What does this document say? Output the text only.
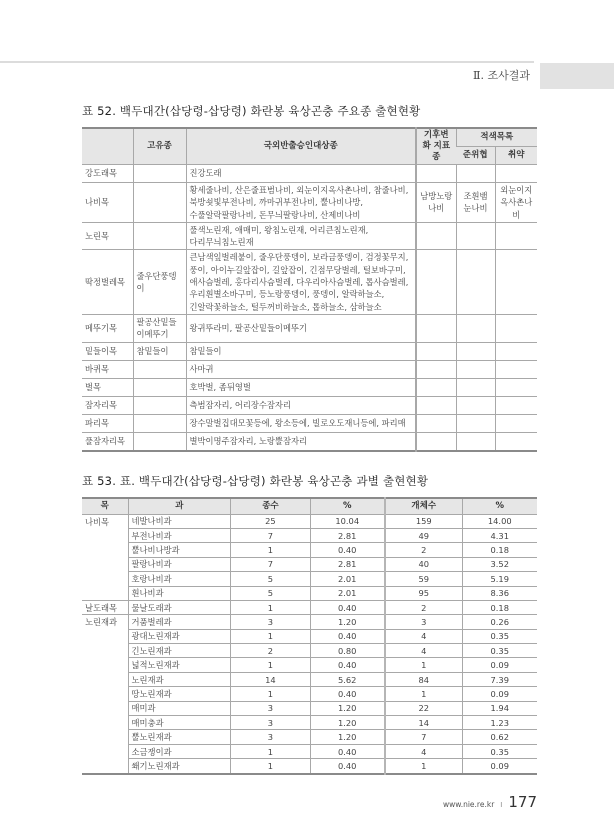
Ⅱ. 조사결과
표 52. 백두대간(삽당령-삽당령) 화란봉 육상곤충 주요종 출현현황
	고유종	국외반출승인대상종	기후변화 지표종	적색목록	
				준위협	취약
강도래목		진강도래			
나비목		황세줄나비, 산은줄표범나비, 외눈이지옥사촌나비, 참줄나비, 북방쇳빛부전나비, 까마귀부전나비, 뿔나비나방, 수풀알락팔랑나비, 돈무늬팔랑나비, 산제비나비	남방노랑나비	조흰뱀눈나비	외눈이지옥사촌나비
노린목		풀색노린재, 애매미, 왕침노린재, 어리큰침노린재, 다리무늬침노린재			
딱정벌레목	줄우단풍뎅이	큰남색잎벌레붙이, 줄우단풍뎅이, 보라금풍뎅이, 검정꽃무지, 풍이, 아이누길앞잡이, 길앞잡이, 긴점무당벌레, 털보바구미, 애사슴벌레, 홍다리사슴벌레, 다우리아사슴벌레, 톱사슴벌레, 우리흰별소바구미, 등노랑풍뎅이, 풍뎅이, 알락하늘소, 긴알락꽃하늘소, 털두꺼비하늘소, 톱하늘소, 삼하늘소			
메뚜기목	팔공산밑들이메뚜기	왕귀뚜라미, 팔공산밑들이메뚜기			
밑들이목	참밑들이	참밑들이			
바퀴목		사마귀			
벌목		호박벌, 좀뒤영벌			
잠자리목		측범잠자리, 어리장수잠자리			
파리목		장수말벌집대모꽃등에, 왕소등에, 빌로오도재니등에, 파리매			
풀잠자리목		별박이명주잠자리, 노랑뿔잠자리			
표 53. 표. 백두대간(삽당령-삽당령) 화란봉 육상곤충 과별 출현현황
목	과	종수	%	개체수	%
나비목	네발나비과	25	10.04	159	14.00
	부전나비과	7	2.81	49	4.31
	뿔나비나방과	1	0.40	2	0.18
	팔랑나비과	7	2.81	40	3.52
	호랑나비과	5	2.01	59	5.19
	흰나비과	5	2.01	95	8.36
날도래목	물날도래과	1	0.40	2	0.18
노린재과	거품벌레과	3	1.20	3	0.26
	광대노린재과	1	0.40	4	0.35
	긴노린재과	2	0.80	4	0.35
	넓적노린재과	1	0.40	1	0.09
	노린재과	14	5.62	84	7.39
	땅노린재과	1	0.40	1	0.09
	매미과	3	1.20	22	1.94
	매미충과	3	1.20	14	1.23
	뿔노린재과	3	1.20	7	0.62
	소금쟁이과	1	0.40	4	0.35
	쐐기노린재과	1	0.40	1	0.09
www.nie.re.kr I 177
